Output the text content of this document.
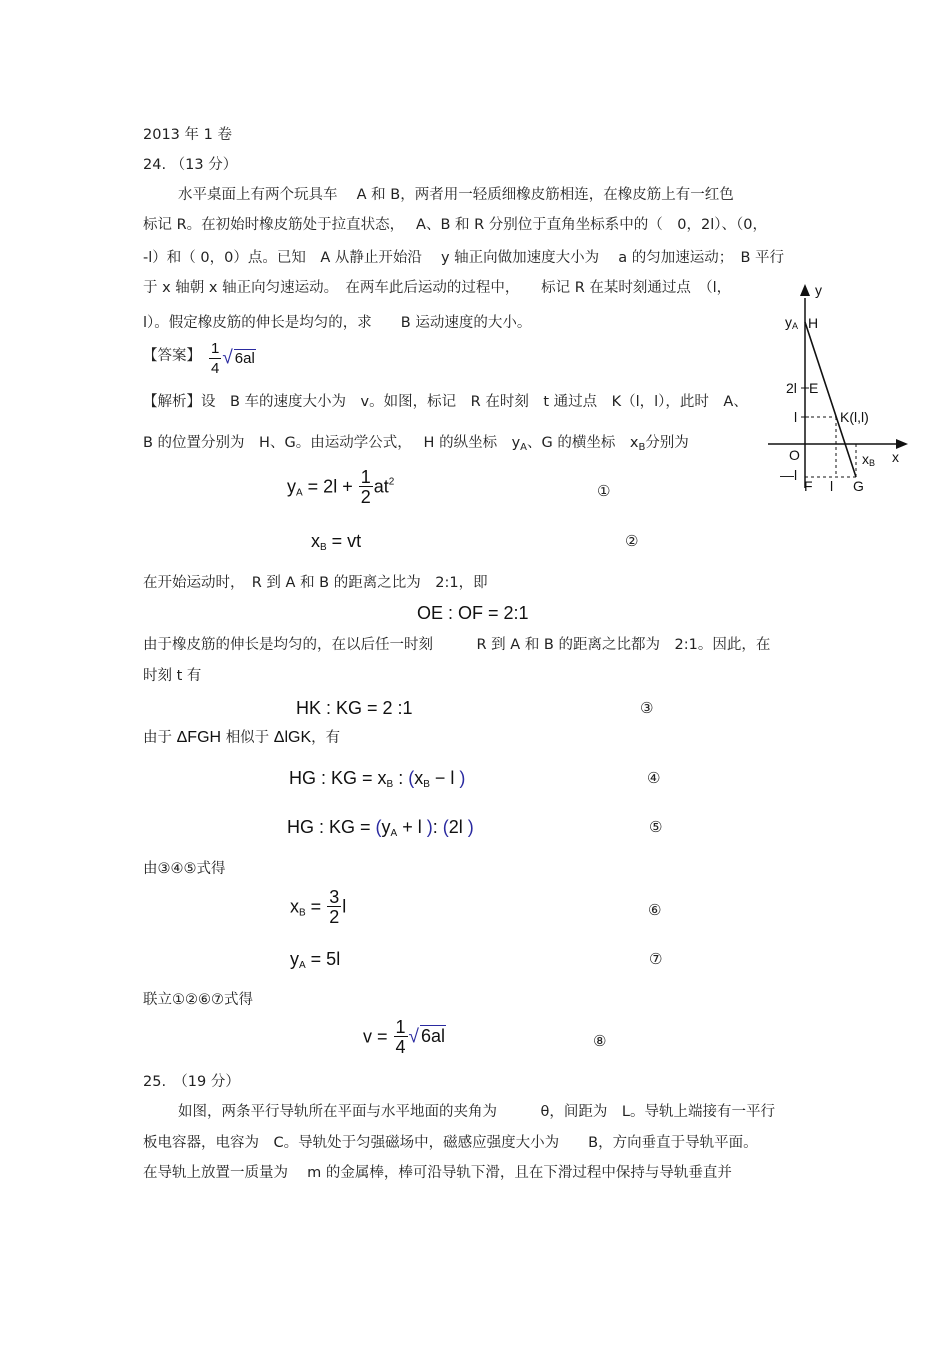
2013 年 1 卷
24. （13 分）
水平桌面上有两个玩具车　 A 和 B，两者用一轻质细橡皮筋相连，在橡皮筋上有一红色
标记 R。在初始时橡皮筋处于拉直状态，　 A、B 和 R 分别位于直角坐标系中的（　0，2l）、（0，
-l）和（ 0，0）点。已知　A 从静止开始沿　 y 轴正向做加速度大小为　 a 的匀加速运动；　B 平行
于 x 轴朝 x 轴正向匀速运动。　在两车此后运动的过程中，　　标记 R 在某时刻通过点　（l，
l）。假定橡皮筋的伸长是均匀的，求　　B 运动速度的大小。
【答案】 $\frac{1}{4}$ √ 6al
【解析】设　B 车的速度大小为　v。如图，标记　R 在时刻　t 通过点　K（l，l），此时　A、
B 的位置分别为　H、G。由运动学公式，　 H 的纵坐标　$y_A$、G 的横坐标　$x_B$分别为
$y_A = 2l + \frac{1}{2} at^2$
①
$x_B$ = vt	②
在开始运动时，　R 到 A 和 B 的距离之比为　2:1，即
OE : OF = 2:1
由于橡皮筋的伸长是均匀的，在以后任一时刻　　　R 到 A 和 B 的距离之比都为　2:1。因此，在
时刻 t 有
HK : KG = 2 :1	③
由于 ΔFGH 相似于 ΔlGK，有
HG : KG = $x_B$ : ($x_B - l$ )	④
HG : KG = ($y_A + l$ ): (2l )	⑤
由③④⑤式得
$x_B = \frac{3}{2}$ l	⑥
$y_A = 5l$	⑦
联立①②⑥⑦式得
$v = \frac{1}{4}$ √ 6al	⑧
25.　（19 分）
如图，两条平行导轨所在平面与水平地面的夹角为　　　θ，间距为　L。导轨上端接有一平行
板电容器，电容为　C。导轨处于匀强磁场中，磁感应强度大小为　　B，方向垂直于导轨平面。
在导轨上放置一质量为　 m 的金属棒，棒可沿导轨下滑，且在下滑过程中保持与导轨垂直并
y
x
yA H
2l E
l	K(l,l)
O	xB
—l
F l G
